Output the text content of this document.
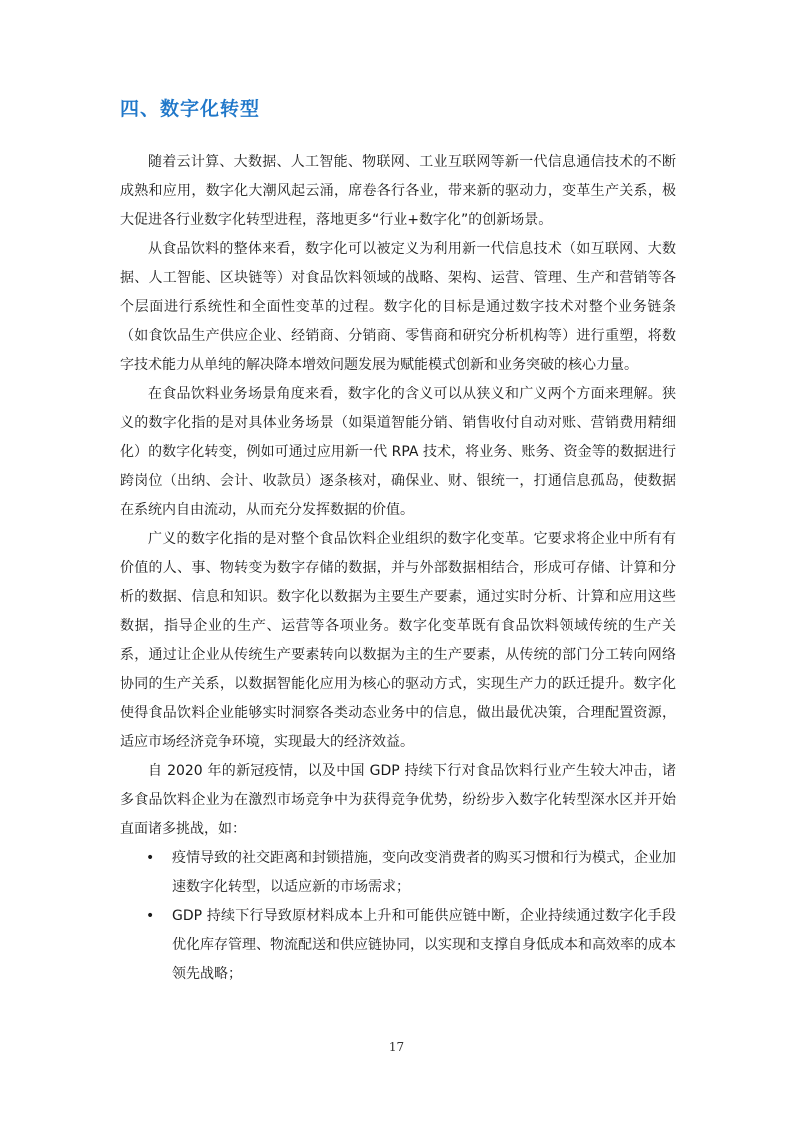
四、数字化转型

随着云计算、大数据、人工智能、物联网、工业互联网等新一代信息通信技术的不断成熟和应用，数字化大潮风起云涌，席卷各行各业，带来新的驱动力，变革生产关系，极大促进各行业数字化转型进程，落地更多“行业+数字化”的创新场景。

从食品饮料的整体来看，数字化可以被定义为利用新一代信息技术（如互联网、大数据、人工智能、区块链等）对食品饮料领域的战略、架构、运营、管理、生产和营销等各个层面进行系统性和全面性变革的过程。数字化的目标是通过数字技术对整个业务链条（如食饮品生产供应企业、经销商、分销商、零售商和研究分析机构等）进行重塑，将数字技术能力从单纯的解决降本增效问题发展为赋能模式创新和业务突破的核心力量。

在食品饮料业务场景角度来看，数字化的含义可以从狭义和广义两个方面来理解。狭义的数字化指的是对具体业务场景（如渠道智能分销、销售收付自动对账、营销费用精细化）的数字化转变，例如可通过应用新一代 RPA 技术，将业务、账务、资金等的数据进行跨岗位（出纳、会计、收款员）逐条核对，确保业、财、银统一，打通信息孤岛，使数据在系统内自由流动，从而充分发挥数据的价值。

广义的数字化指的是对整个食品饮料企业组织的数字化变革。它要求将企业中所有有价值的人、事、物转变为数字存储的数据，并与外部数据相结合，形成可存储、计算和分析的数据、信息和知识。数字化以数据为主要生产要素，通过实时分析、计算和应用这些数据，指导企业的生产、运营等各项业务。数字化变革既有食品饮料领域传统的生产关系，通过让企业从传统生产要素转向以数据为主的生产要素，从传统的部门分工转向网络协同的生产关系，以数据智能化应用为核心的驱动方式，实现生产力的跃迁提升。数字化使得食品饮料企业能够实时洞察各类动态业务中的信息，做出最优决策，合理配置资源，适应市场经济竞争环境，实现最大的经济效益。

自 2020 年的新冠疫情，以及中国 GDP 持续下行对食品饮料行业产生较大冲击，诸多食品饮料企业为在激烈市场竞争中为获得竞争优势，纷纷步入数字化转型深水区并开始直面诸多挑战，如：

• 疫情导致的社交距离和封锁措施，变向改变消费者的购买习惯和行为模式，企业加速数字化转型，以适应新的市场需求；
• GDP 持续下行导致原材料成本上升和可能供应链中断，企业持续通过数字化手段优化库存管理、物流配送和供应链协同，以实现和支撑自身低成本和高效率的成本领先战略；
17
